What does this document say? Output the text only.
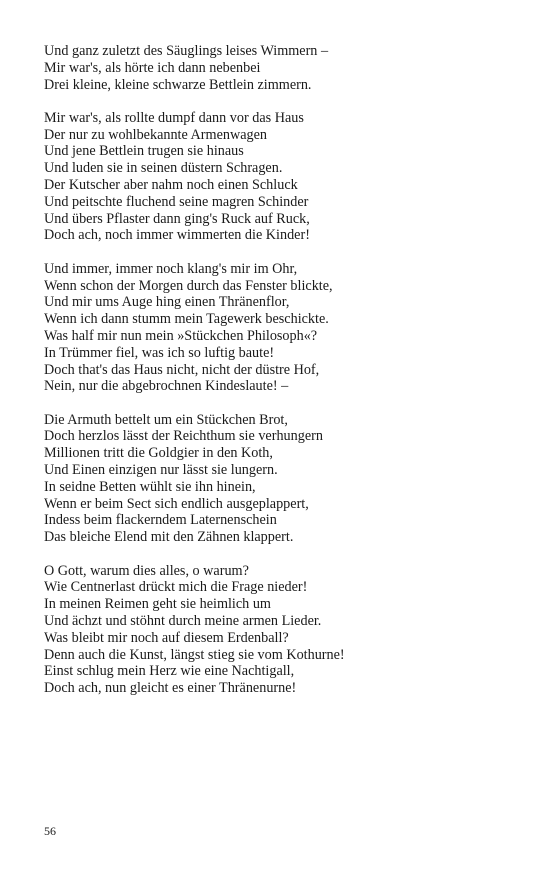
Und ganz zuletzt des Säuglings leises Wimmern –
Mir war's, als hörte ich dann nebenbei
Drei kleine, kleine schwarze Bettlein zimmern.
Mir war's, als rollte dumpf dann vor das Haus
Der nur zu wohlbekannte Armenwagen
Und jene Bettlein trugen sie hinaus
Und luden sie in seinen düstern Schragen.
Der Kutscher aber nahm noch einen Schluck
Und peitschte fluchend seine magren Schinder
Und übers Pflaster dann ging's Ruck auf Ruck,
Doch ach, noch immer wimmerten die Kinder!
Und immer, immer noch klang's mir im Ohr,
Wenn schon der Morgen durch das Fenster blickte,
Und mir ums Auge hing einen Thränenflor,
Wenn ich dann stumm mein Tagewerk beschickte.
Was half mir nun mein »Stückchen Philosoph«?
In Trümmer fiel, was ich so luftig baute!
Doch that's das Haus nicht, nicht der düstre Hof,
Nein, nur die abgebrochnen Kindeslaute! –
Die Armuth bettelt um ein Stückchen Brot,
Doch herzlos lässt der Reichthum sie verhungern
Millionen tritt die Goldgier in den Koth,
Und Einen einzigen nur lässt sie lungern.
In seidne Betten wühlt sie ihn hinein,
Wenn er beim Sect sich endlich ausgeplappert,
Indess beim flackerndem Laternenschein
Das bleiche Elend mit den Zähnen klappert.
O Gott, warum dies alles, o warum?
Wie Centnerlast drückt mich die Frage nieder!
In meinen Reimen geht sie heimlich um
Und ächzt und stöhnt durch meine armen Lieder.
Was bleibt mir noch auf diesem Erdenball?
Denn auch die Kunst, längst stieg sie vom Kothurne!
Einst schlug mein Herz wie eine Nachtigall,
Doch ach, nun gleicht es einer Thränenurne!
56
